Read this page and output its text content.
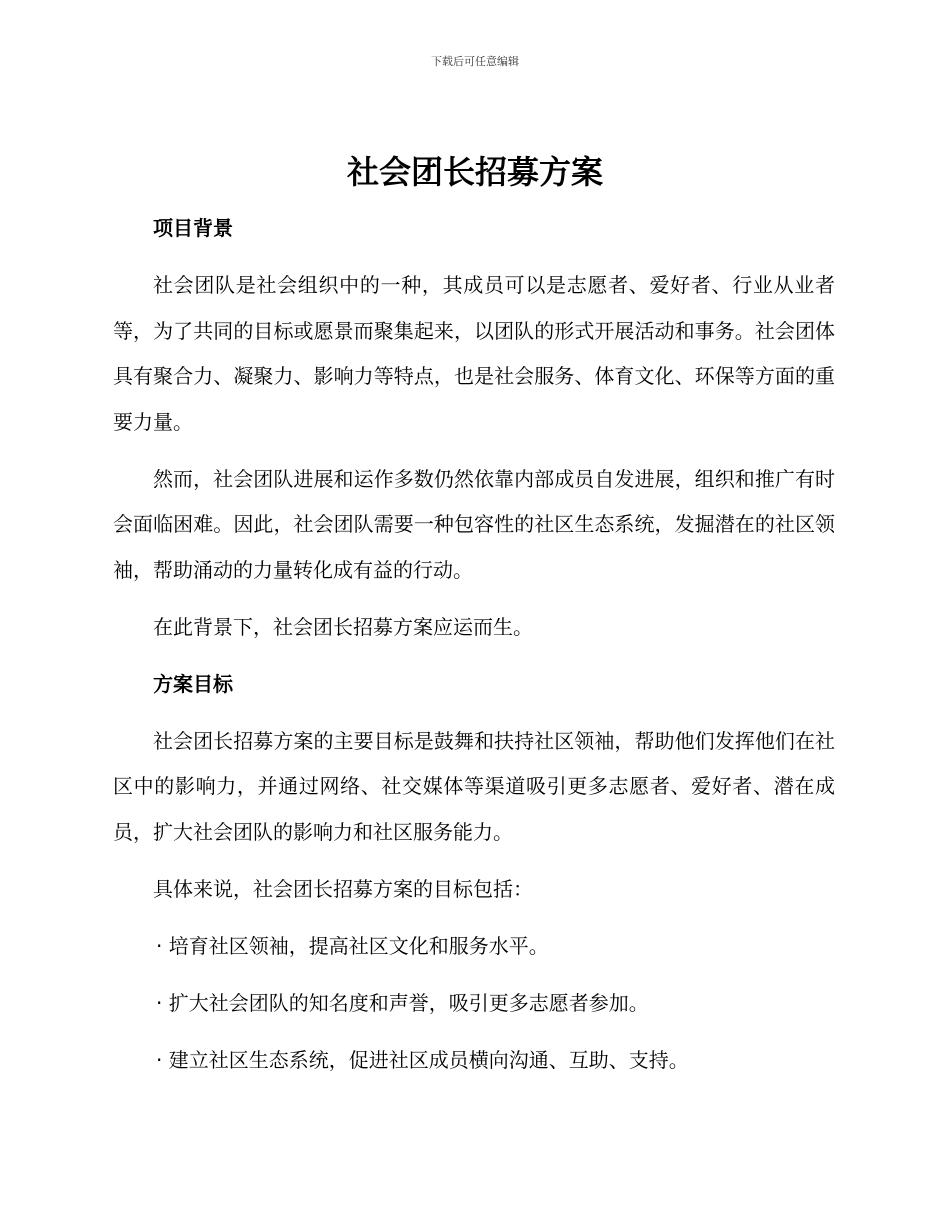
下载后可任意编辑
社会团长招募方案
项目背景

社会团队是社会组织中的一种，其成员可以是志愿者、爱好者、行业从业者等，为了共同的目标或愿景而聚集起来，以团队的形式开展活动和事务。社会团体具有聚合力、凝聚力、影响力等特点，也是社会服务、体育文化、环保等方面的重要力量。

然而，社会团队进展和运作多数仍然依靠内部成员自发进展，组织和推广有时会面临困难。因此，社会团队需要一种包容性的社区生态系统，发掘潜在的社区领袖，帮助涌动的力量转化成有益的行动。

在此背景下，社会团长招募方案应运而生。

方案目标

社会团长招募方案的主要目标是鼓舞和扶持社区领袖，帮助他们发挥他们在社区中的影响力，并通过网络、社交媒体等渠道吸引更多志愿者、爱好者、潜在成员，扩大社会团队的影响力和社区服务能力。

具体来说，社会团长招募方案的目标包括：

· 培育社区领袖，提高社区文化和服务水平。

· 扩大社会团队的知名度和声誉，吸引更多志愿者参加。

· 建立社区生态系统，促进社区成员横向沟通、互助、支持。
